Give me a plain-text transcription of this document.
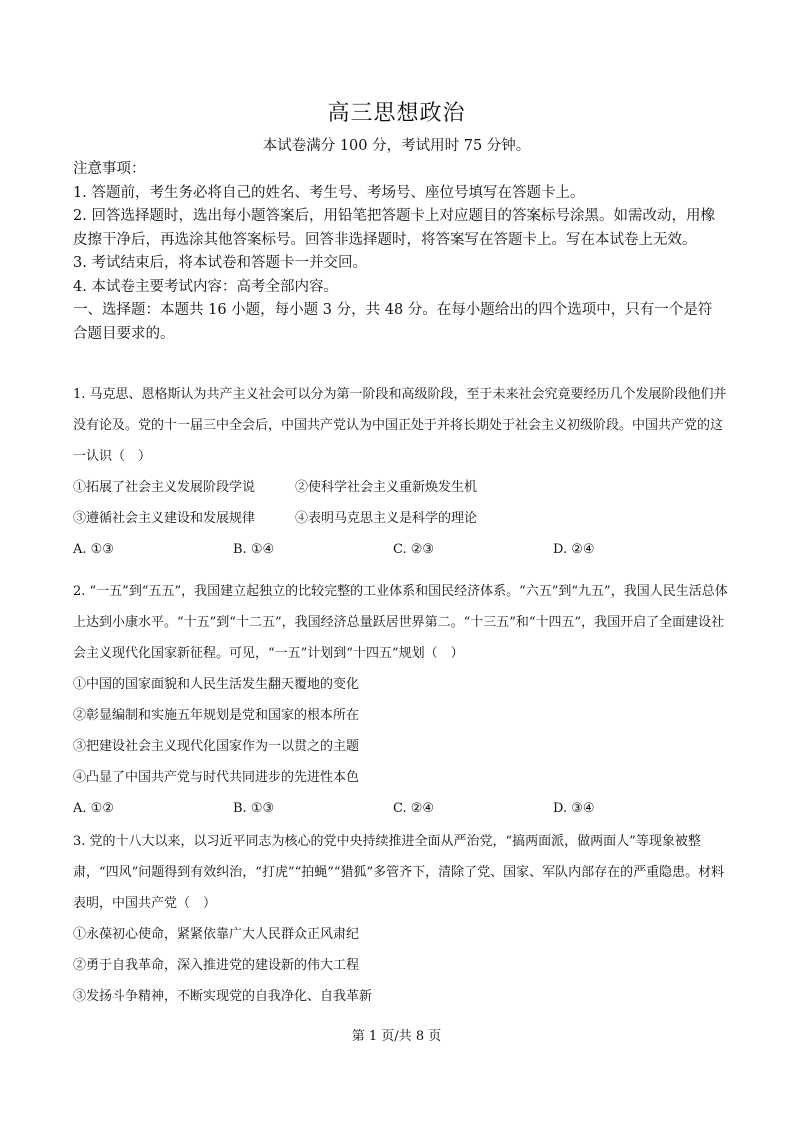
高三思想政治
本试卷满分 100 分，考试用时 75 分钟。

注意事项：

1. 答题前，考生务必将自己的姓名、考生号、考场号、座位号填写在答题卡上。

2. 回答选择题时，选出每小题答案后，用铅笔把答题卡上对应题目的答案标号涂黑。如需改动，用橡皮擦干净后，再选涂其他答案标号。回答非选择题时，将答案写在答题卡上。写在本试卷上无效。

3. 考试结束后，将本试卷和答题卡一并交回。

4. 本试卷主要考试内容：高考全部内容。

一、选择题：本题共 16 小题，每小题 3 分，共 48 分。在每小题给出的四个选项中，只有一个是符合题目要求的。

1. 马克思、恩格斯认为共产主义社会可以分为第一阶段和高级阶段，至于未来社会究竟要经历几个发展阶段他们并没有论及。党的十一届三中全会后，中国共产党认为中国正处于并将长期处于社会主义初级阶段。中国共产党的这一认识（　）

①拓展了社会主义发展阶段学说	②使科学社会主义重新焕发生机

③遵循社会主义建设和发展规律	④表明马克思主义是科学的理论

A. ①③	B. ①④	C. ②③	D. ②④

2. “一五”到“五五”，我国建立起独立的比较完整的工业体系和国民经济体系。“六五”到“九五”，我国人民生活总体上达到小康水平。“十五”到“十二五”，我国经济总量跃居世界第二。“十三五”和“十四五”，我国开启了全面建设社会主义现代化国家新征程。可见，“一五”计划到“十四五”规划（　）

①中国的国家面貌和人民生活发生翻天覆地的变化

②彰显编制和实施五年规划是党和国家的根本所在

③把建设社会主义现代化国家作为一以贯之的主题

④凸显了中国共产党与时代共同进步的先进性本色

A. ①②	B. ①③	C. ②④	D. ③④

3. 党的十八大以来，以习近平同志为核心的党中央持续推进全面从严治党，“搞两面派，做两面人”等现象被整肃，“四风”问题得到有效纠治，“打虎”“拍蝇”“猎狐”多管齐下，清除了党、国家、军队内部存在的严重隐患。材料表明，中国共产党（　）

①永葆初心使命，紧紧依靠广大人民群众正风肃纪

②勇于自我革命，深入推进党的建设新的伟大工程

③发扬斗争精神，不断实现党的自我净化、自我革新

第 1 页/共 8 页
